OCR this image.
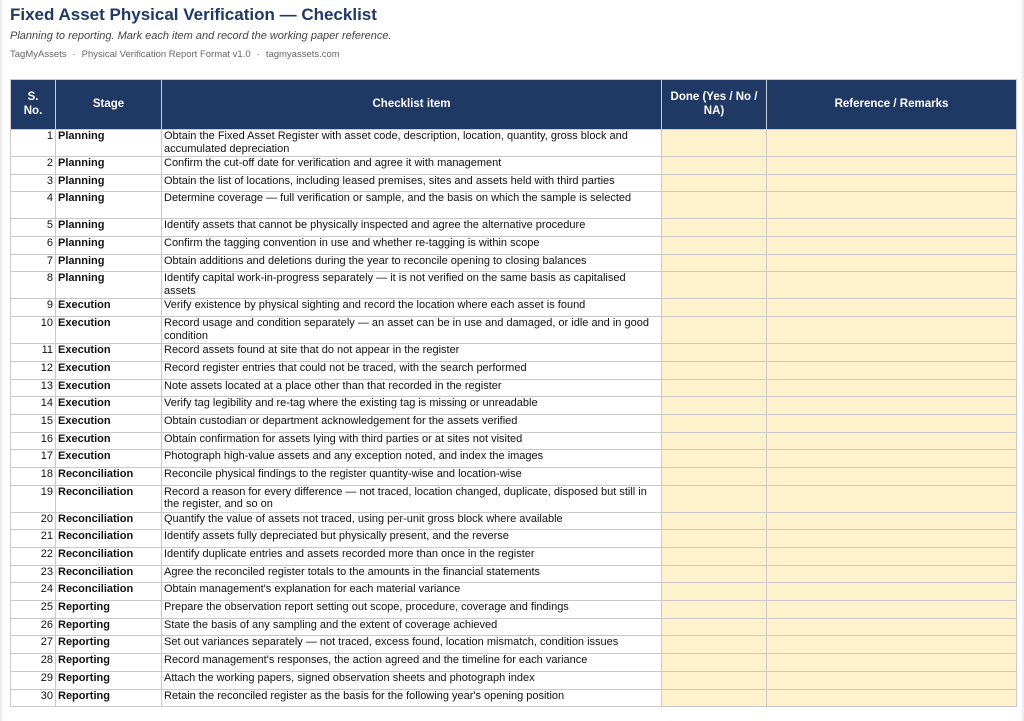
Fixed Asset Physical Verification — Checklist
Planning to reporting. Mark each item and record the working paper reference.
TagMyAssets · Physical Verification Report Format v1.0 · tagmyassets.com
S. No.	Stage	Checklist item	Done (Yes / No / NA)	Reference / Remarks
1	Planning	Obtain the Fixed Asset Register with asset code, description, location, quantity, gross block and accumulated depreciation		
2	Planning	Confirm the cut-off date for verification and agree it with management		
3	Planning	Obtain the list of locations, including leased premises, sites and assets held with third parties		
4	Planning	Determine coverage — full verification or sample, and the basis on which the sample is selected		
5	Planning	Identify assets that cannot be physically inspected and agree the alternative procedure		
6	Planning	Confirm the tagging convention in use and whether re-tagging is within scope		
7	Planning	Obtain additions and deletions during the year to reconcile opening to closing balances		
8	Planning	Identify capital work-in-progress separately — it is not verified on the same basis as capitalised assets		
9	Execution	Verify existence by physical sighting and record the location where each asset is found		
10	Execution	Record usage and condition separately — an asset can be in use and damaged, or idle and in good condition		
11	Execution	Record assets found at site that do not appear in the register		
12	Execution	Record register entries that could not be traced, with the search performed		
13	Execution	Note assets located at a place other than that recorded in the register		
14	Execution	Verify tag legibility and re-tag where the existing tag is missing or unreadable		
15	Execution	Obtain custodian or department acknowledgement for the assets verified		
16	Execution	Obtain confirmation for assets lying with third parties or at sites not visited		
17	Execution	Photograph high-value assets and any exception noted, and index the images		
18	Reconciliation	Reconcile physical findings to the register quantity-wise and location-wise		
19	Reconciliation	Record a reason for every difference — not traced, location changed, duplicate, disposed but still in the register, and so on		
20	Reconciliation	Quantify the value of assets not traced, using per-unit gross block where available		
21	Reconciliation	Identify assets fully depreciated but physically present, and the reverse		
22	Reconciliation	Identify duplicate entries and assets recorded more than once in the register		
23	Reconciliation	Agree the reconciled register totals to the amounts in the financial statements		
24	Reconciliation	Obtain management's explanation for each material variance		
25	Reporting	Prepare the observation report setting out scope, procedure, coverage and findings		
26	Reporting	State the basis of any sampling and the extent of coverage achieved		
27	Reporting	Set out variances separately — not traced, excess found, location mismatch, condition issues		
28	Reporting	Record management's responses, the action agreed and the timeline for each variance		
29	Reporting	Attach the working papers, signed observation sheets and photograph index		
30	Reporting	Retain the reconciled register as the basis for the following year's opening position		
